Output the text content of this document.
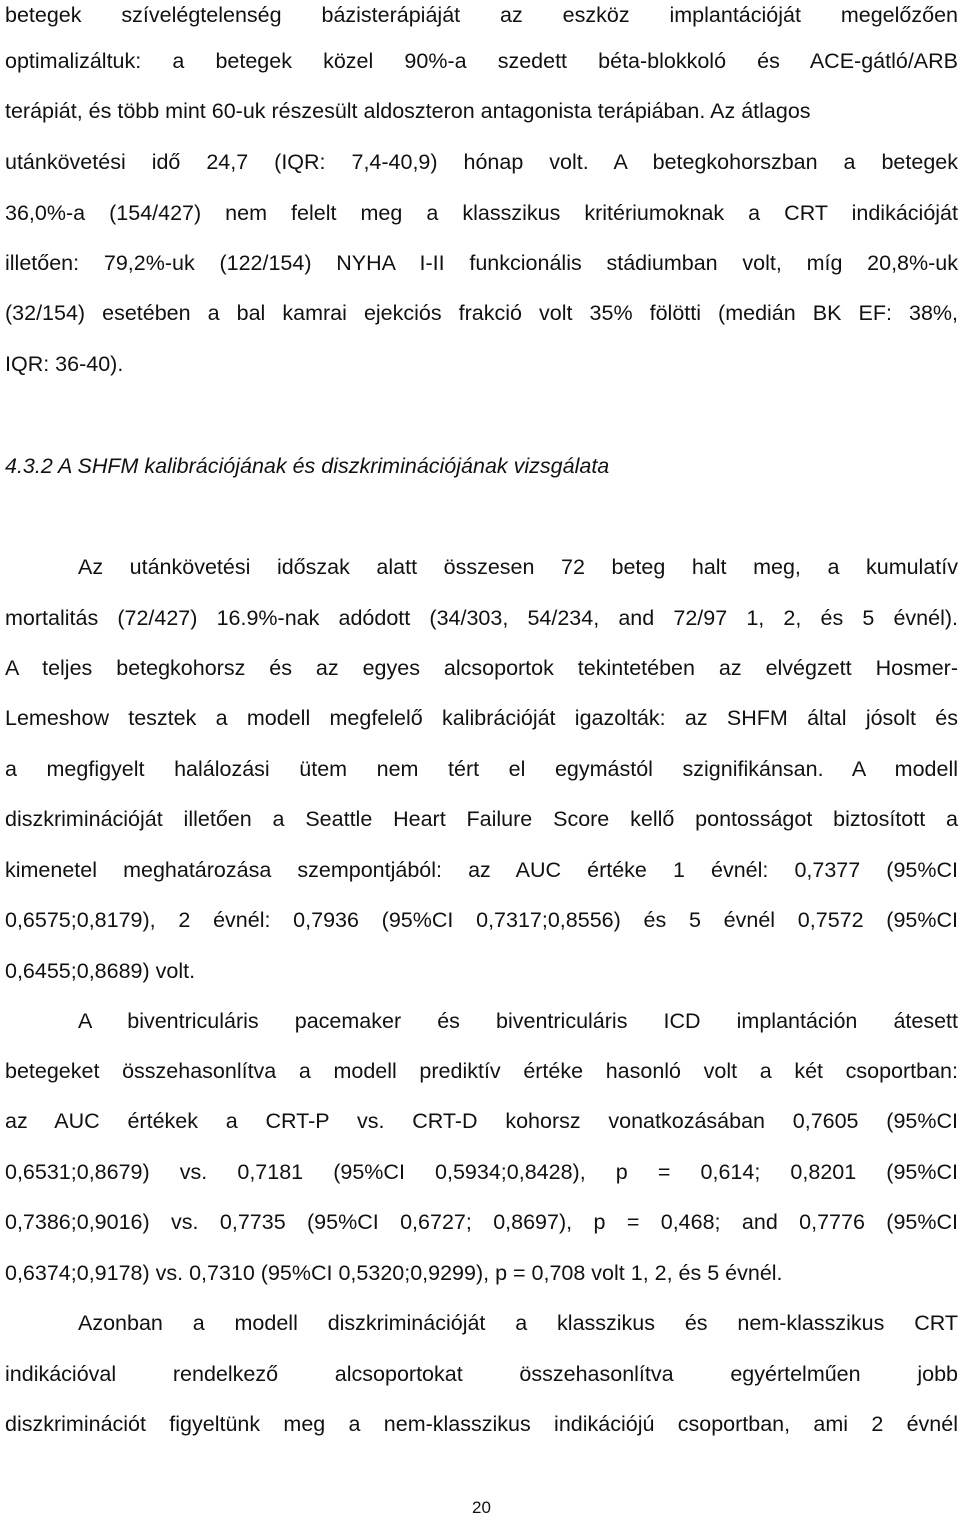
betegek szívelégtelenség bázisterápiáját az eszköz implantációját megelőzően
optimalizáltuk: a betegek közel 90%-a szedett béta-blokkoló és ACE-gátló/ARB
terápiát, és több mint 60-uk részesült aldoszteron antagonista terápiában. Az átlagos
utánkövetési idő 24,7 (IQR: 7,4-40,9) hónap volt. A betegkohorszban a betegek
36,0%-a (154/427) nem felelt meg a klasszikus kritériumoknak a CRT indikációját
illetően: 79,2%-uk (122/154) NYHA I-II funkcionális stádiumban volt, míg 20,8%-uk
(32/154) esetében a bal kamrai ejekciós frakció volt 35% fölötti (medián BK EF: 38%,
IQR: 36-40).
4.3.2 A SHFM kalibrációjának és diszkriminációjának vizsgálata
Az utánkövetési időszak alatt összesen 72 beteg halt meg, a kumulatív
mortalitás (72/427) 16.9%-nak adódott (34/303, 54/234, and 72/97 1, 2, és 5 évnél).
A teljes betegkohorsz és az egyes alcsoportok tekintetében az elvégzett Hosmer-
Lemeshow tesztek a modell megfelelő kalibrációját igazolták: az SHFM által jósolt és
a megfigyelt halálozási ütem nem tért el egymástól szignifikánsan. A modell
diszkriminációját illetően a Seattle Heart Failure Score kellő pontosságot biztosított a
kimenetel meghatározása szempontjából: az AUC értéke 1 évnél: 0,7377 (95%CI
0,6575;0,8179), 2 évnél: 0,7936 (95%CI 0,7317;0,8556) és 5 évnél 0,7572 (95%CI
0,6455;0,8689) volt.
A biventriculáris pacemaker és biventriculáris ICD implantáción átesett
betegeket összehasonlítva a modell prediktív értéke hasonló volt a két csoportban:
az AUC értékek a CRT-P vs. CRT-D kohorsz vonatkozásában 0,7605 (95%CI
0,6531;0,8679) vs. 0,7181 (95%CI 0,5934;0,8428), p = 0,614; 0,8201 (95%CI
0,7386;0,9016) vs. 0,7735 (95%CI 0,6727; 0,8697), p = 0,468; and 0,7776 (95%CI
0,6374;0,9178) vs. 0,7310 (95%CI 0,5320;0,9299), p = 0,708 volt 1, 2, és 5 évnél.
Azonban a modell diszkriminációját a klasszikus és nem-klasszikus CRT
indikációval rendelkező alcsoportokat összehasonlítva egyértelműen jobb
diszkriminációt figyeltünk meg a nem-klasszikus indikációjú csoportban, ami 2 évnél
20
